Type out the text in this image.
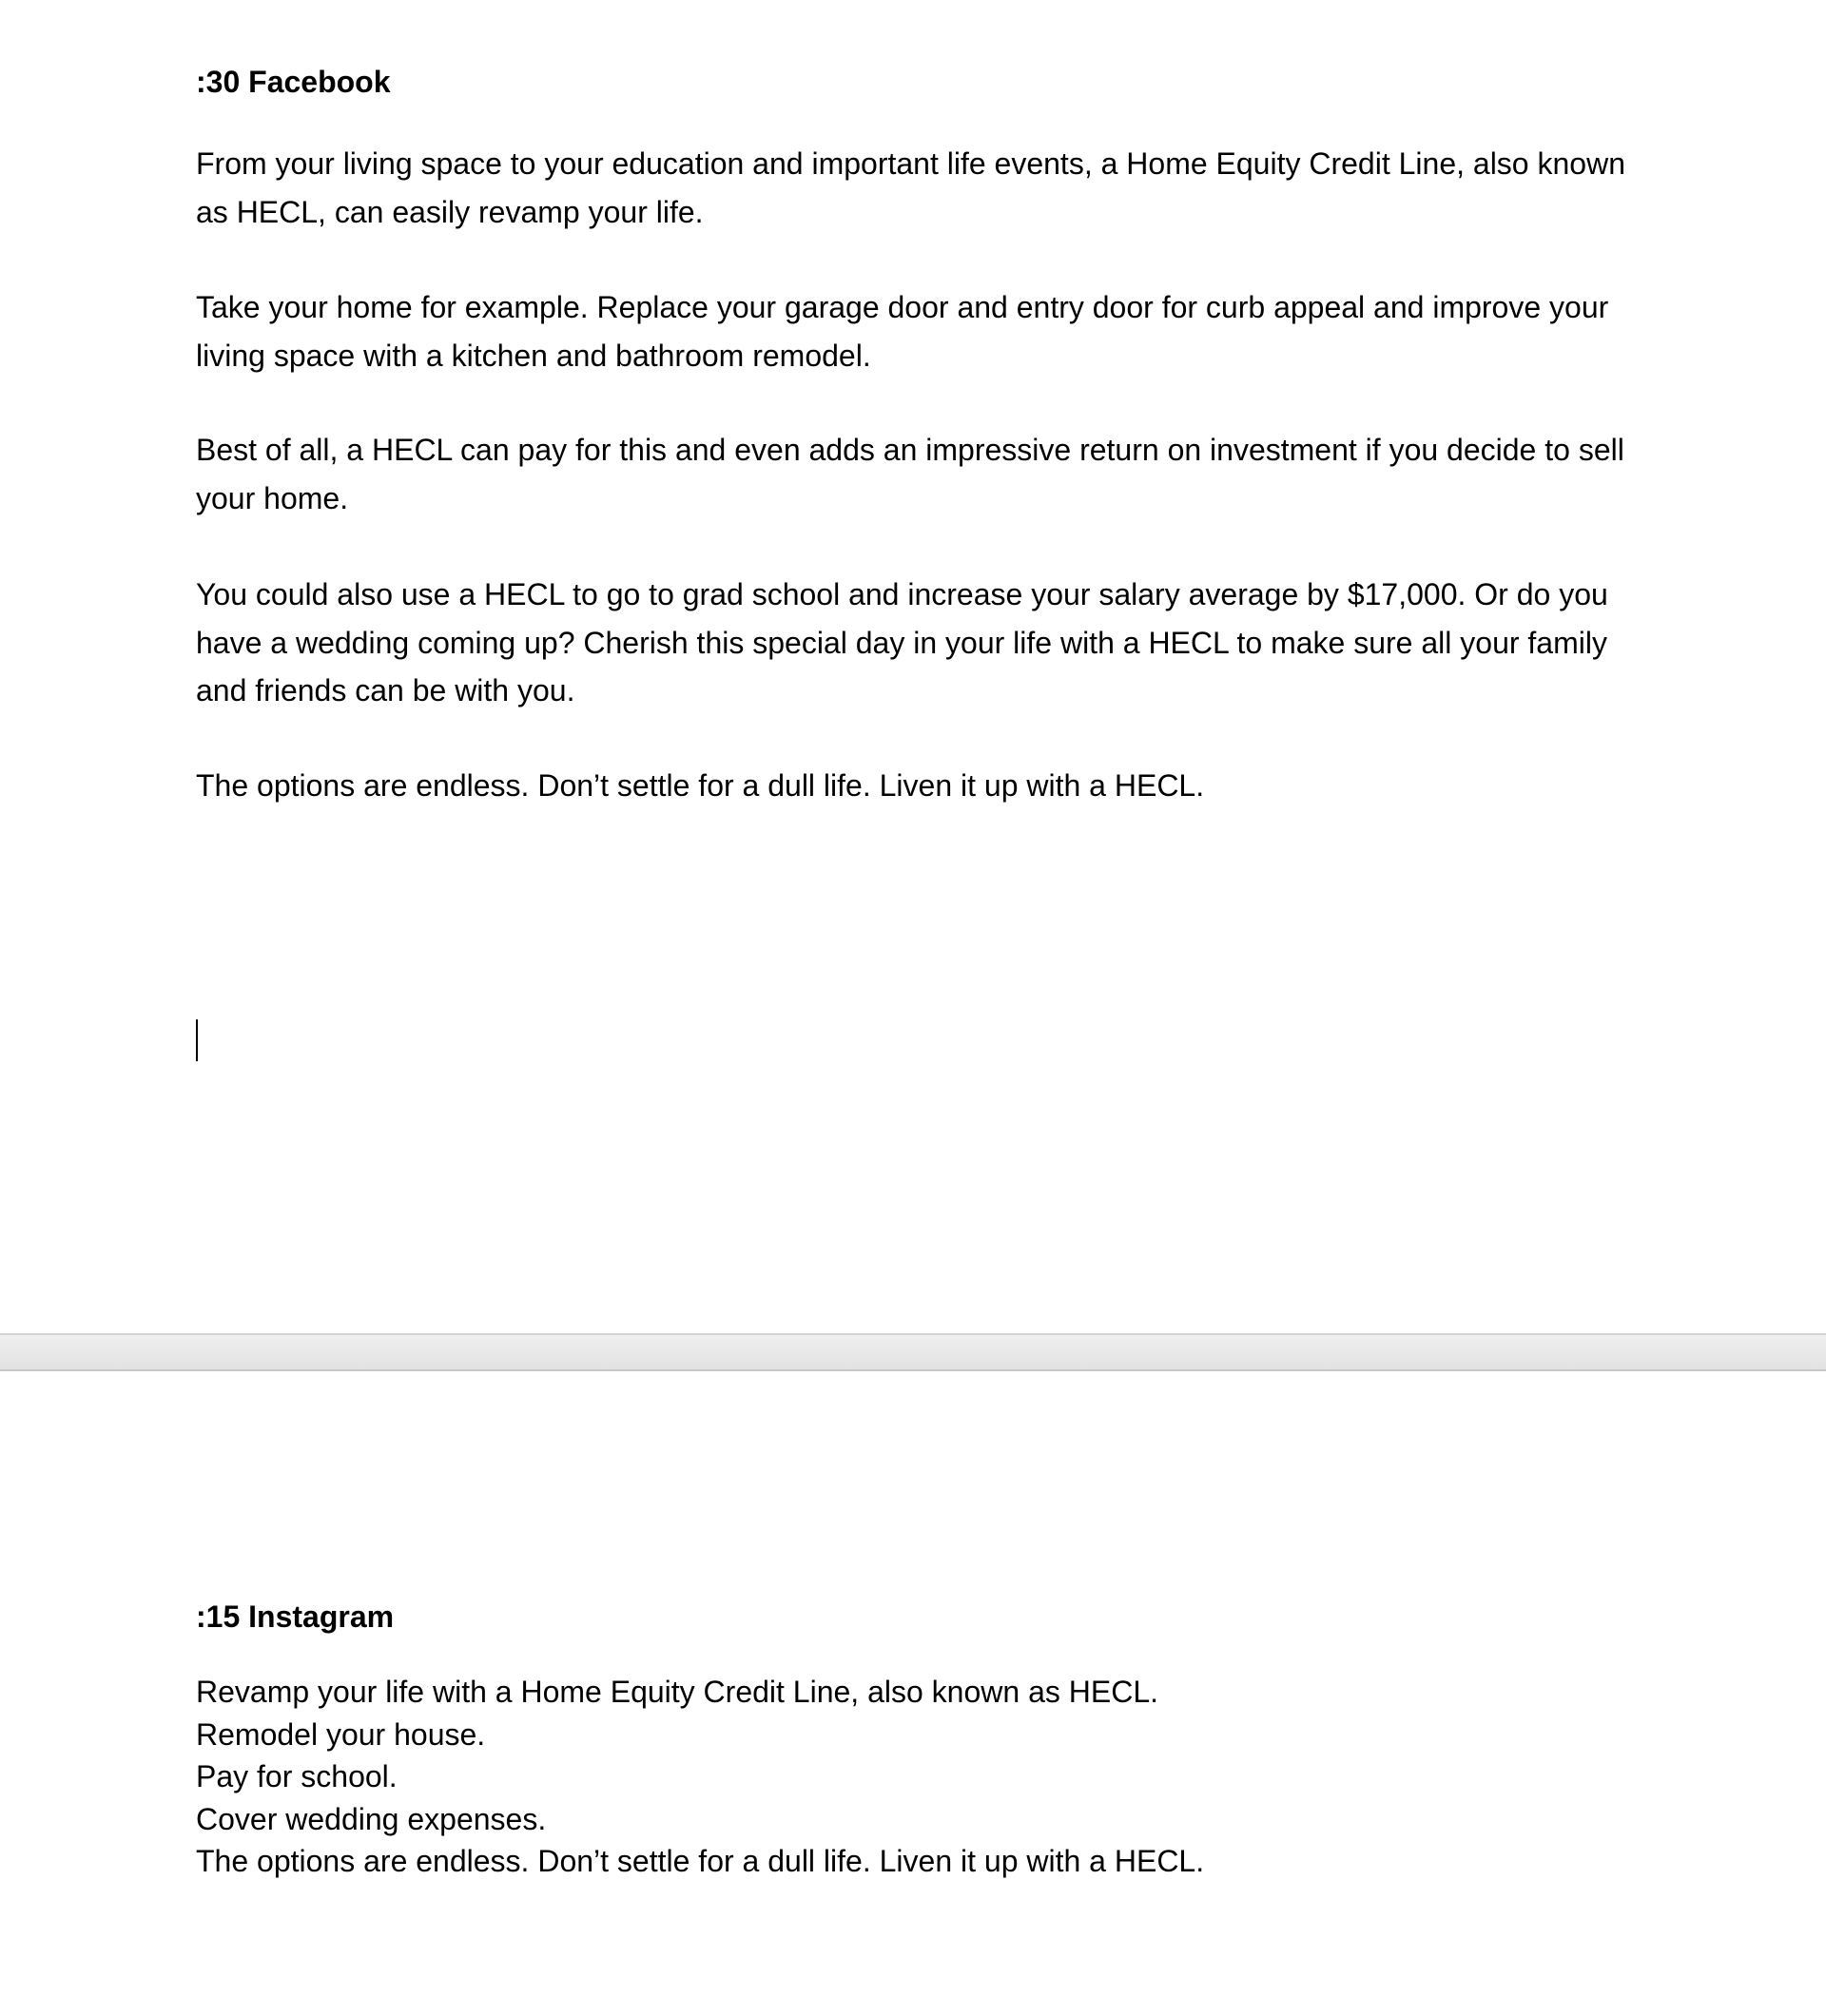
:30 Facebook

From your living space to your education and important life events, a Home Equity Credit Line, also known as HECL, can easily revamp your life.

Take your home for example. Replace your garage door and entry door for curb appeal and improve your living space with a kitchen and bathroom remodel.

Best of all, a HECL can pay for this and even adds an impressive return on investment if you decide to sell your home.

You could also use a HECL to go to grad school and increase your salary average by $17,000. Or do you have a wedding coming up? Cherish this special day in your life with a HECL to make sure all your family and friends can be with you.

The options are endless. Don’t settle for a dull life. Liven it up with a HECL.

:15 Instagram
Revamp your life with a Home Equity Credit Line, also known as HECL.
Remodel your house.
Pay for school.
Cover wedding expenses.
The options are endless. Don’t settle for a dull life. Liven it up with a HECL.
